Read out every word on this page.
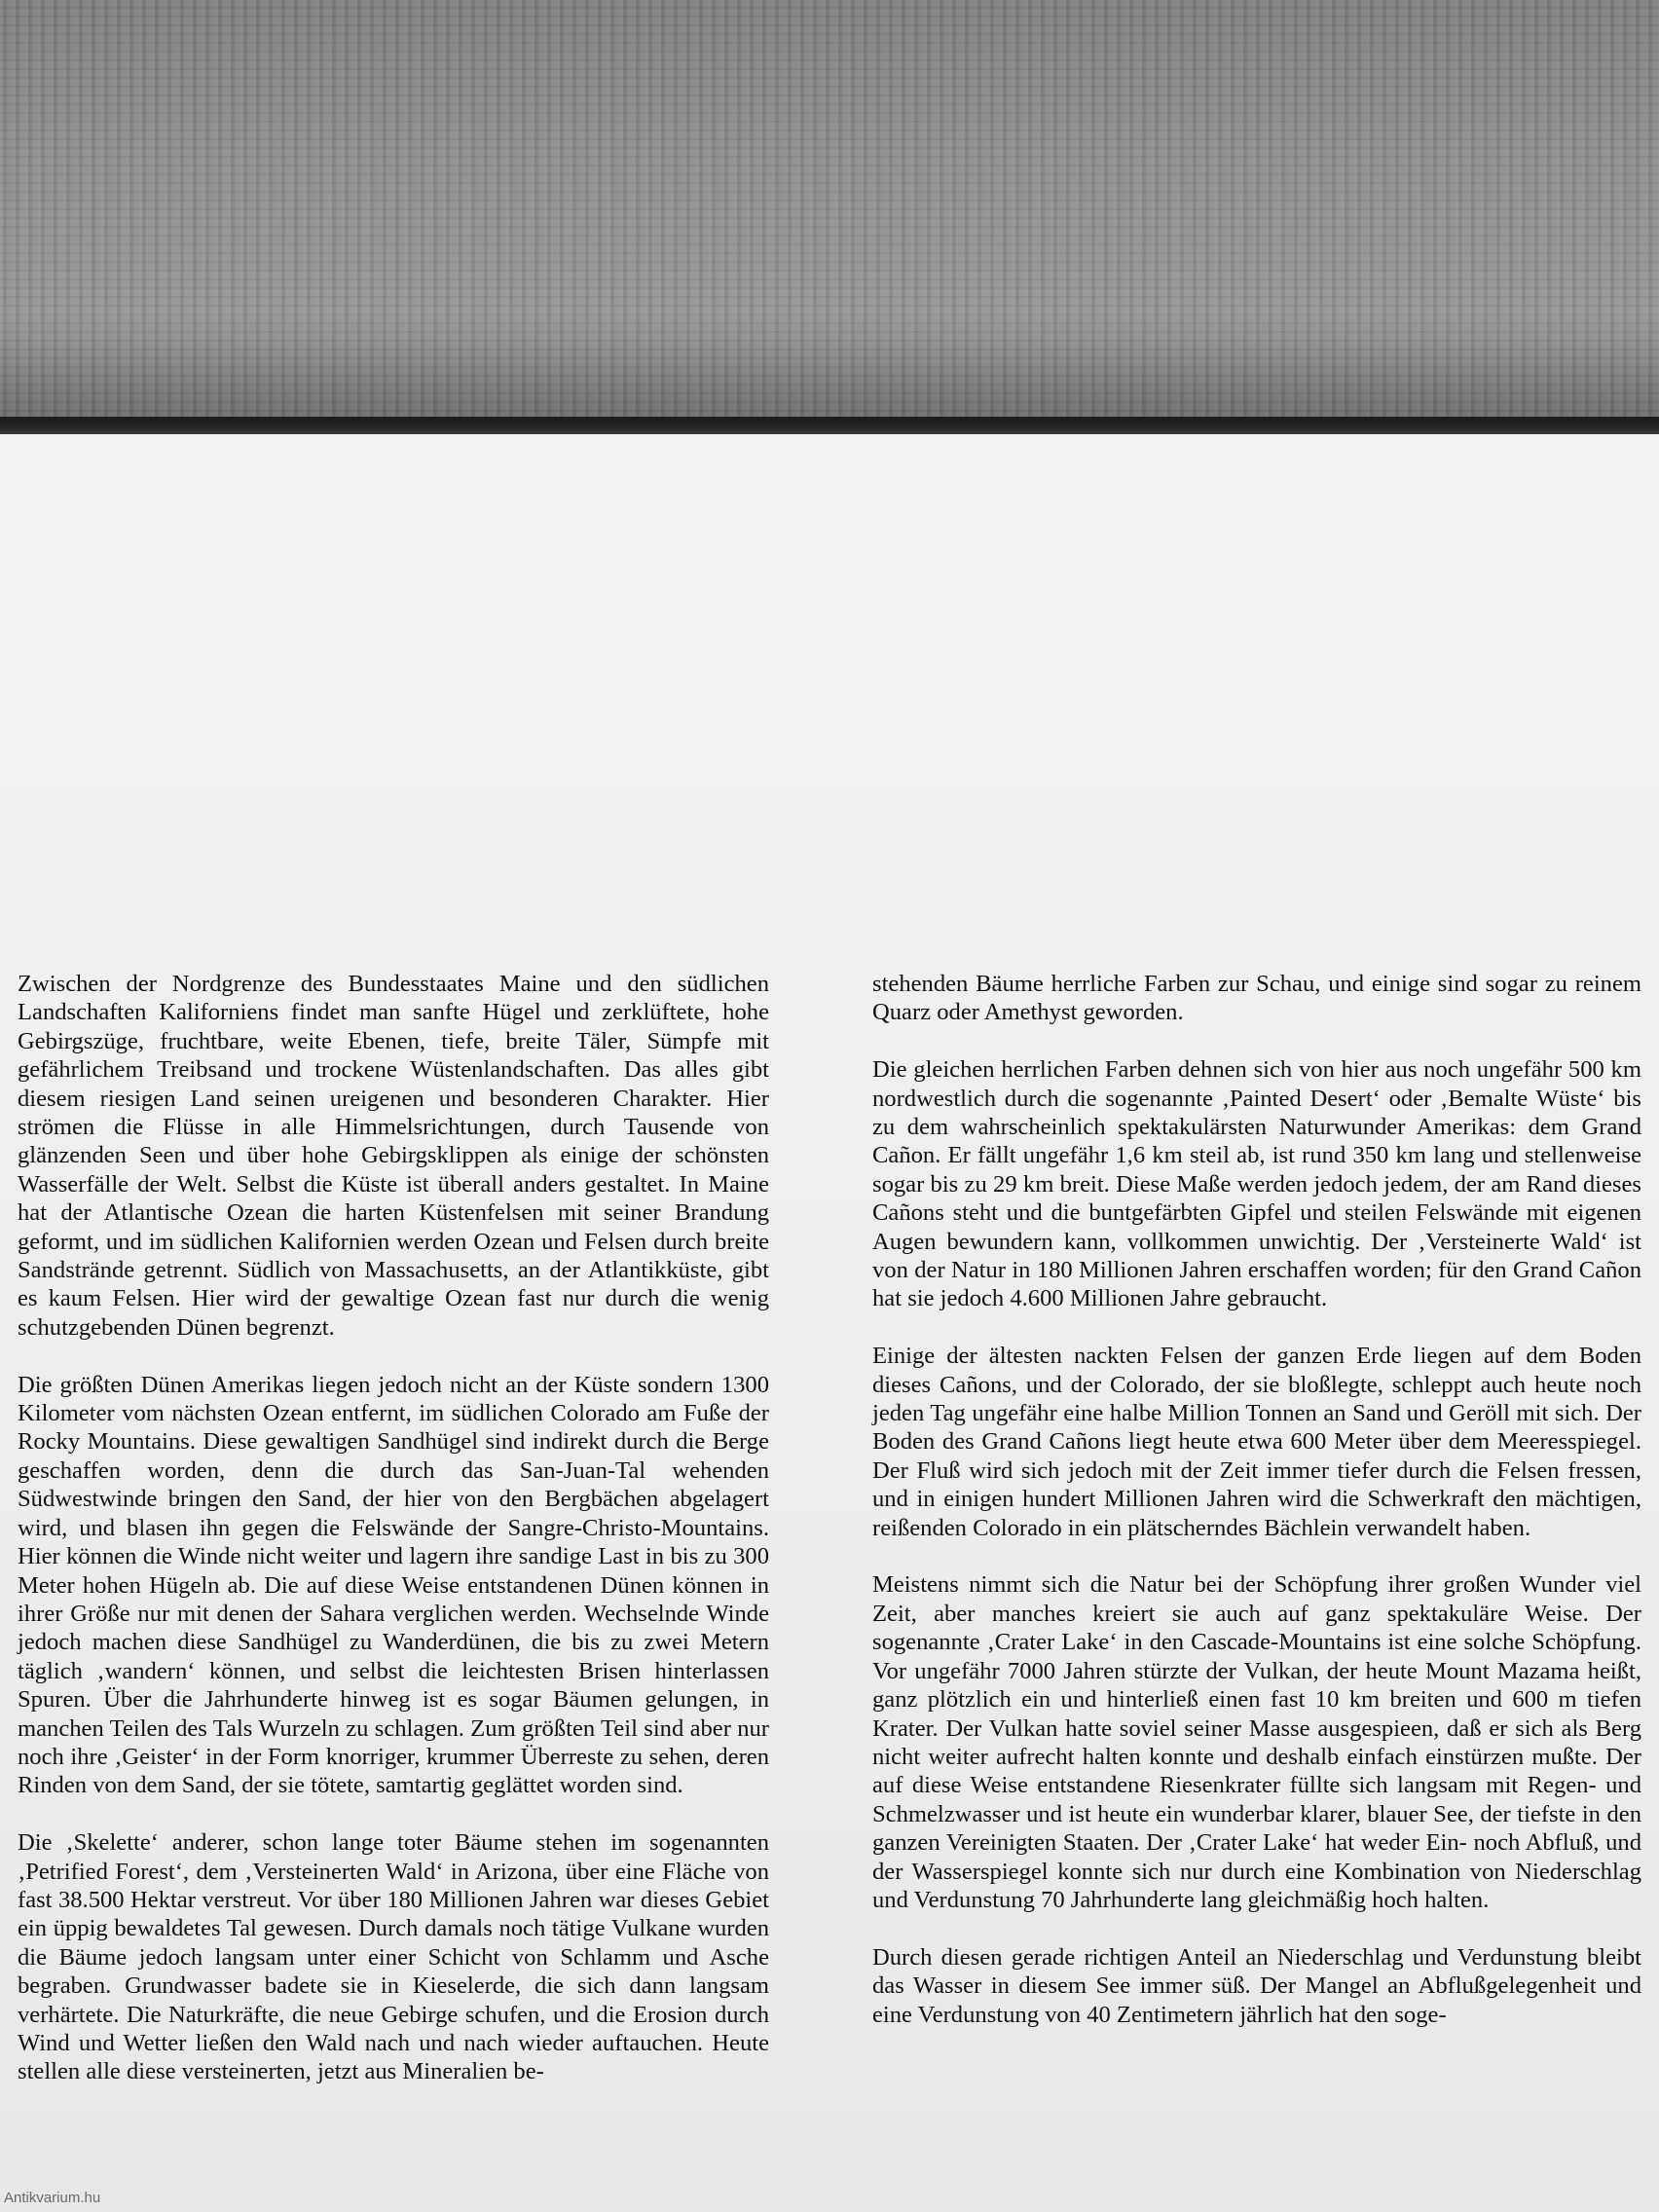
Zwischen der Nordgrenze des Bundesstaates Maine und den südlichen Landschaften Kaliforniens findet man sanfte Hügel und zerklüftete, hohe Gebirgszüge, fruchtbare, weite Ebenen, tiefe, breite Täler, Sümpfe mit gefährlichem Treibsand und trockene Wüstenlandschaften. Das alles gibt diesem riesigen Land seinen ureigenen und besonderen Charakter. Hier strömen die Flüsse in alle Himmelsrichtungen, durch Tausende von glänzenden Seen und über hohe Gebirgsklippen als einige der schönsten Wasserfälle der Welt. Selbst die Küste ist überall anders gestaltet. In Maine hat der Atlantische Ozean die harten Küstenfelsen mit seiner Brandung geformt, und im südlichen Kalifornien werden Ozean und Felsen durch breite Sandstrände getrennt. Südlich von Massachusetts, an der Atlantikküste, gibt es kaum Felsen. Hier wird der gewaltige Ozean fast nur durch die wenig schutzgebenden Dünen begrenzt.

Die größten Dünen Amerikas liegen jedoch nicht an der Küste sondern 1300 Kilometer vom nächsten Ozean entfernt, im südlichen Colorado am Fuße der Rocky Mountains. Diese gewaltigen Sandhügel sind indirekt durch die Berge geschaffen worden, denn die durch das San-Juan-Tal wehenden Südwestwinde bringen den Sand, der hier von den Bergbächen abgelagert wird, und blasen ihn gegen die Felswände der Sangre-Christo-Mountains. Hier können die Winde nicht weiter und lagern ihre sandige Last in bis zu 300 Meter hohen Hügeln ab. Die auf diese Weise entstandenen Dünen können in ihrer Größe nur mit denen der Sahara verglichen werden. Wechselnde Winde jedoch machen diese Sandhügel zu Wanderdünen, die bis zu zwei Metern täglich ‚wandern‘ können, und selbst die leichtesten Brisen hinterlassen Spuren. Über die Jahrhunderte hinweg ist es sogar Bäumen gelungen, in manchen Teilen des Tals Wurzeln zu schlagen. Zum größten Teil sind aber nur noch ihre ‚Geister‘ in der Form knorriger, krummer Überreste zu sehen, deren Rinden von dem Sand, der sie tötete, samtartig geglättet worden sind.

Die ‚Skelette‘ anderer, schon lange toter Bäume stehen im sogenannten ‚Petrified Forest‘, dem ‚Versteinerten Wald‘ in Arizona, über eine Fläche von fast 38.500 Hektar verstreut. Vor über 180 Millionen Jahren war dieses Gebiet ein üppig bewaldetes Tal gewesen. Durch damals noch tätige Vulkane wurden die Bäume jedoch langsam unter einer Schicht von Schlamm und Asche begraben. Grundwasser badete sie in Kieselerde, die sich dann langsam verhärtete. Die Naturkräfte, die neue Gebirge schufen, und die Erosion durch Wind und Wetter ließen den Wald nach und nach wieder auftauchen. Heute stellen alle diese versteinerten, jetzt aus Mineralien be-

stehenden Bäume herrliche Farben zur Schau, und einige sind sogar zu reinem Quarz oder Amethyst geworden.

Die gleichen herrlichen Farben dehnen sich von hier aus noch ungefähr 500 km nordwestlich durch die sogenannte ‚Painted Desert‘ oder ‚Bemalte Wüste‘ bis zu dem wahrscheinlich spektakulärsten Naturwunder Amerikas: dem Grand Cañon. Er fällt ungefähr 1,6 km steil ab, ist rund 350 km lang und stellenweise sogar bis zu 29 km breit. Diese Maße werden jedoch jedem, der am Rand dieses Cañons steht und die buntgefärbten Gipfel und steilen Felswände mit eigenen Augen bewundern kann, vollkommen unwichtig. Der ‚Versteinerte Wald‘ ist von der Natur in 180 Millionen Jahren erschaffen worden; für den Grand Cañon hat sie jedoch 4.600 Millionen Jahre gebraucht.

Einige der ältesten nackten Felsen der ganzen Erde liegen auf dem Boden dieses Cañons, und der Colorado, der sie bloßlegte, schleppt auch heute noch jeden Tag ungefähr eine halbe Million Tonnen an Sand und Geröll mit sich. Der Boden des Grand Cañons liegt heute etwa 600 Meter über dem Meeresspiegel. Der Fluß wird sich jedoch mit der Zeit immer tiefer durch die Felsen fressen, und in einigen hundert Millionen Jahren wird die Schwerkraft den mächtigen, reißenden Colorado in ein plätscherndes Bächlein verwandelt haben.

Meistens nimmt sich die Natur bei der Schöpfung ihrer großen Wunder viel Zeit, aber manches kreiert sie auch auf ganz spektakuläre Weise. Der sogenannte ‚Crater Lake‘ in den Cascade-Mountains ist eine solche Schöpfung. Vor ungefähr 7000 Jahren stürzte der Vulkan, der heute Mount Mazama heißt, ganz plötzlich ein und hinterließ einen fast 10 km breiten und 600 m tiefen Krater. Der Vulkan hatte soviel seiner Masse ausgespieen, daß er sich als Berg nicht weiter aufrecht halten konnte und deshalb einfach einstürzen mußte. Der auf diese Weise entstandene Riesenkrater füllte sich langsam mit Regen- und Schmelzwasser und ist heute ein wunderbar klarer, blauer See, der tiefste in den ganzen Vereinigten Staaten. Der ‚Crater Lake‘ hat weder Ein- noch Abfluß, und der Wasserspiegel konnte sich nur durch eine Kombination von Niederschlag und Verdunstung 70 Jahrhunderte lang gleichmäßig hoch halten.

Durch diesen gerade richtigen Anteil an Niederschlag und Verdunstung bleibt das Wasser in diesem See immer süß. Der Mangel an Abflußgelegenheit und eine Verdunstung von 40 Zentimetern jährlich hat den soge-

Antikvarium.hu
